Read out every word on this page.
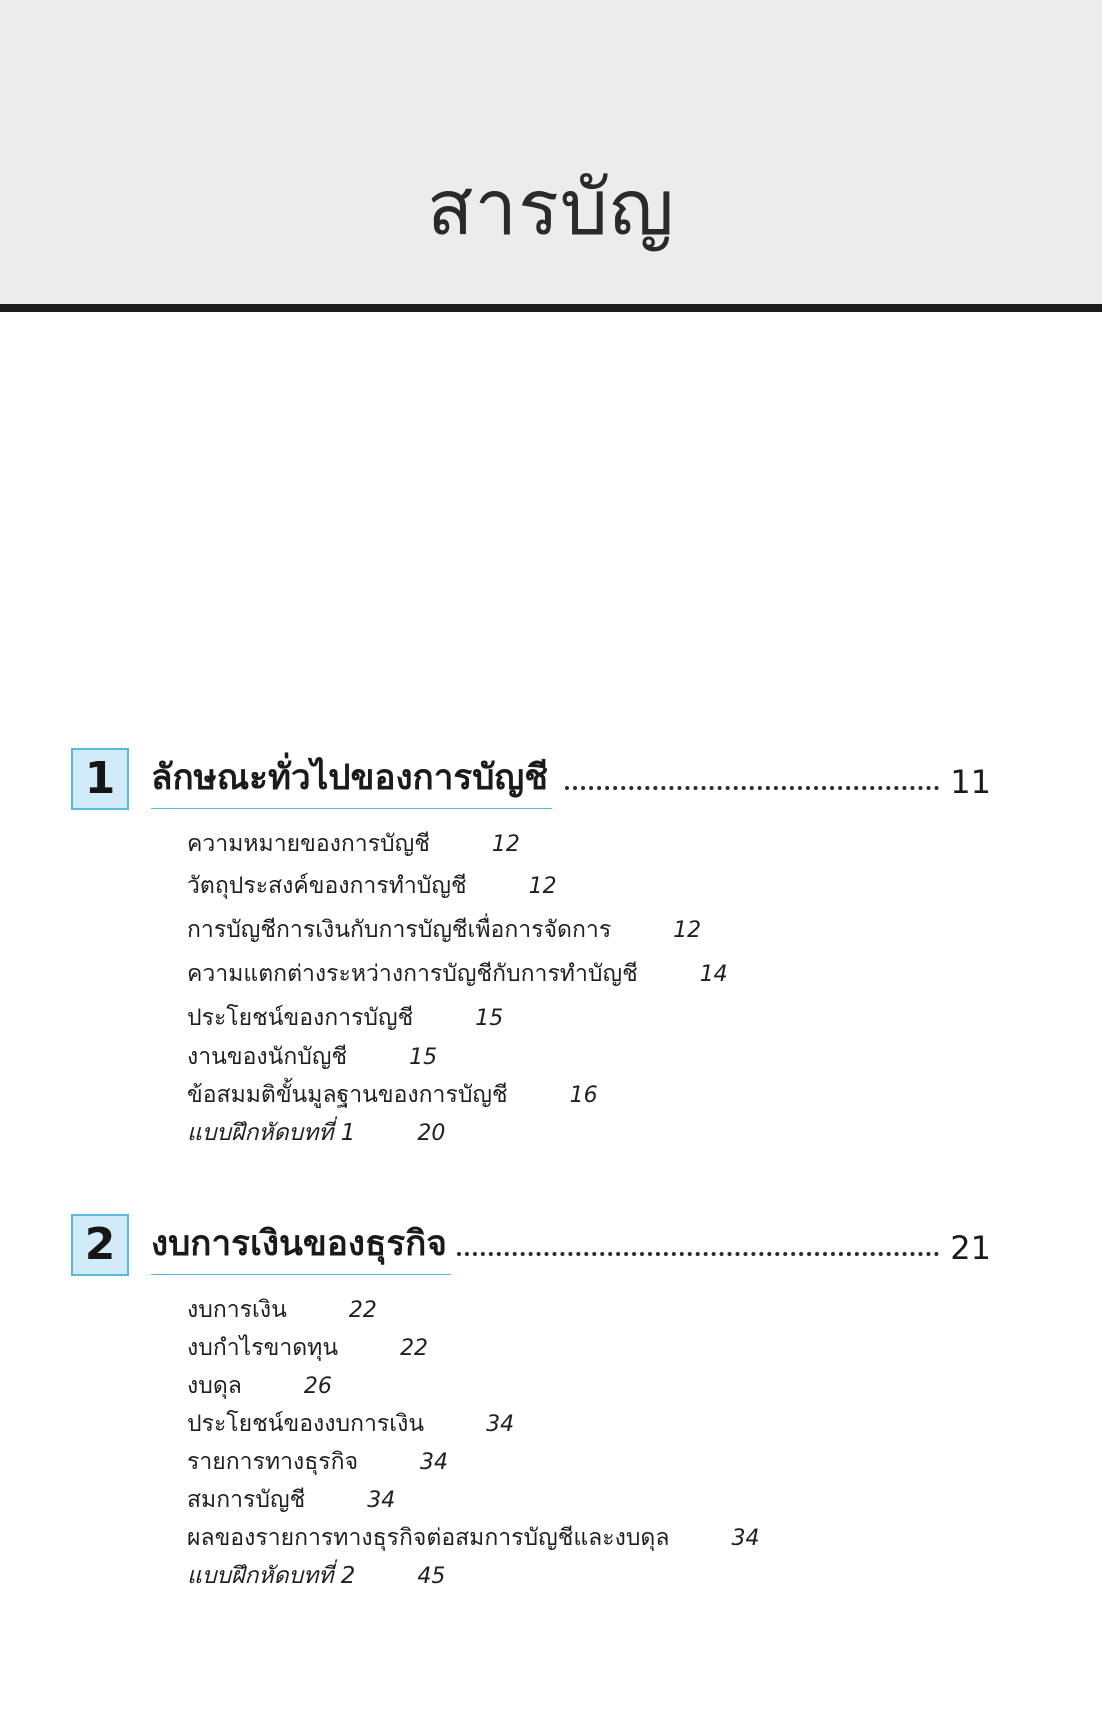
สารบัญ
1	ลักษณะทั่วไปของการบัญชี	11
ความหมายของการบัญชี	12
วัตถุประสงค์ของการทำบัญชี	12
การบัญชีการเงินกับการบัญชีเพื่อการจัดการ	12
ความแตกต่างระหว่างการบัญชีกับการทำบัญชี	14
ประโยชน์ของการบัญชี	15
งานของนักบัญชี	15
ข้อสมมติขั้นมูลฐานของการบัญชี	16
แบบฝึกหัดบทที่ 1	20
2	งบการเงินของธุรกิจ	21
งบการเงิน	22
งบกำไรขาดทุน	22
งบดุล	26
ประโยชน์ของงบการเงิน	34
รายการทางธุรกิจ	34
สมการบัญชี	34
ผลของรายการทางธุรกิจต่อสมการบัญชีและงบดุล	34
แบบฝึกหัดบทที่ 2	45
